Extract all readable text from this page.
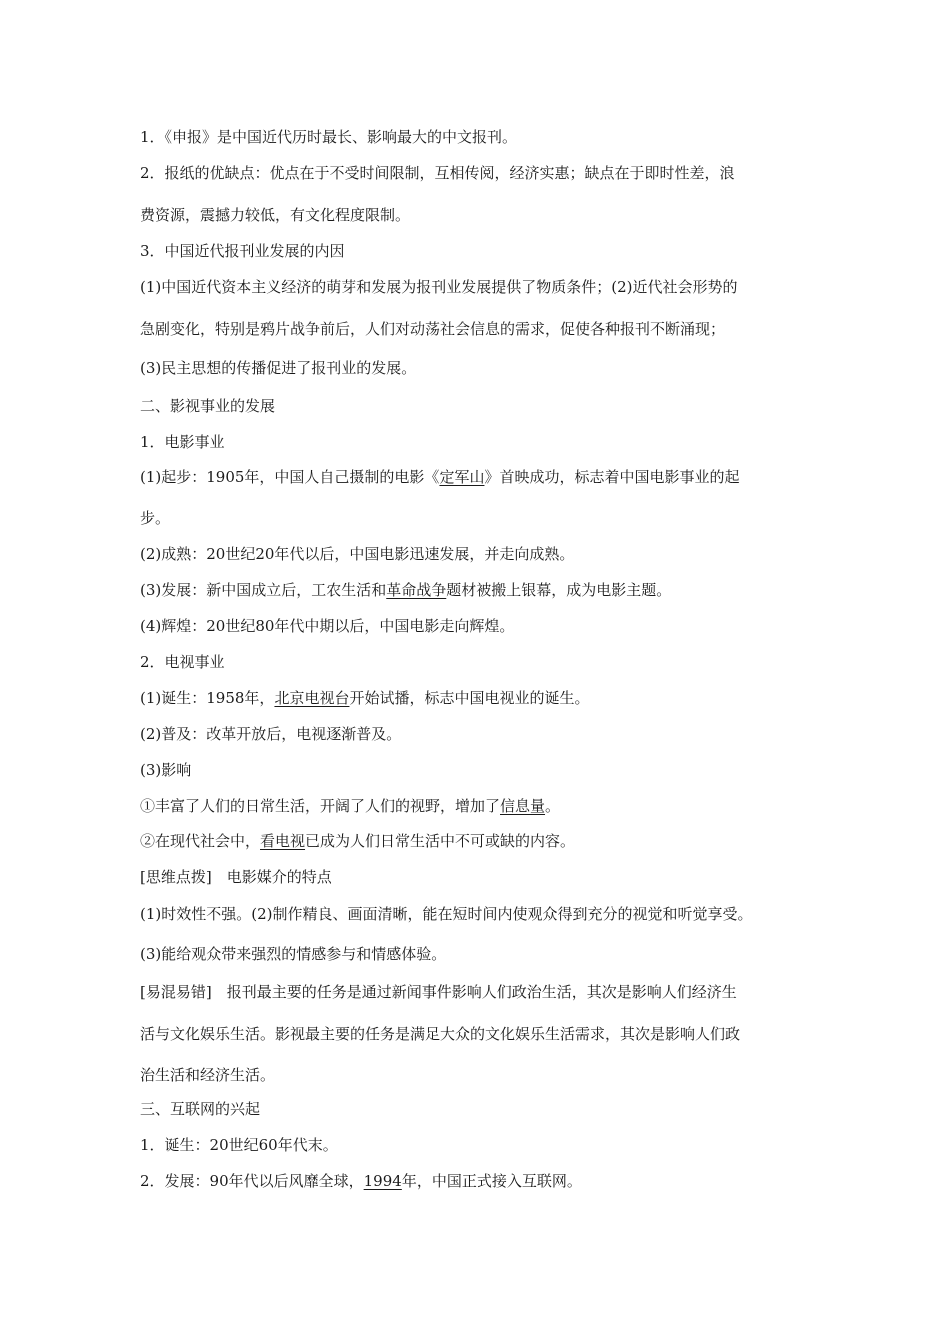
1．《申报》是中国近代历时最长、影响最大的中文报刊。
2．报纸的优缺点：优点在于不受时间限制，互相传阅，经济实惠；缺点在于即时性差，浪
费资源，震撼力较低，有文化程度限制。
3．中国近代报刊业发展的内因
(1)中国近代资本主义经济的萌芽和发展为报刊业发展提供了物质条件；(2)近代社会形势的
急剧变化，特别是鸦片战争前后，人们对动荡社会信息的需求，促使各种报刊不断涌现；
(3)民主思想的传播促进了报刊业的发展。
二、影视事业的发展
1．电影事业
(1)起步：1905年，中国人自己摄制的电影《定军山》首映成功，标志着中国电影事业的起
步。
(2)成熟：20世纪20年代以后，中国电影迅速发展，并走向成熟。
(3)发展：新中国成立后，工农生活和革命战争题材被搬上银幕，成为电影主题。
(4)辉煌：20世纪80年代中期以后，中国电影走向辉煌。
2．电视事业
(1)诞生：1958年，北京电视台开始试播，标志中国电视业的诞生。
(2)普及：改革开放后，电视逐渐普及。
(3)影响
①丰富了人们的日常生活，开阔了人们的视野，增加了信息量。
②在现代社会中，看电视已成为人们日常生活中不可或缺的内容。
[思维点拨]　电影媒介的特点
(1)时效性不强。(2)制作精良、画面清晰，能在短时间内使观众得到充分的视觉和听觉享受。
(3)能给观众带来强烈的情感参与和情感体验。
[易混易错]　报刊最主要的任务是通过新闻事件影响人们政治生活，其次是影响人们经济生
活与文化娱乐生活。影视最主要的任务是满足大众的文化娱乐生活需求，其次是影响人们政
治生活和经济生活。
三、互联网的兴起
1．诞生：20世纪60年代末。
2．发展：90年代以后风靡全球，1994年，中国正式接入互联网。
